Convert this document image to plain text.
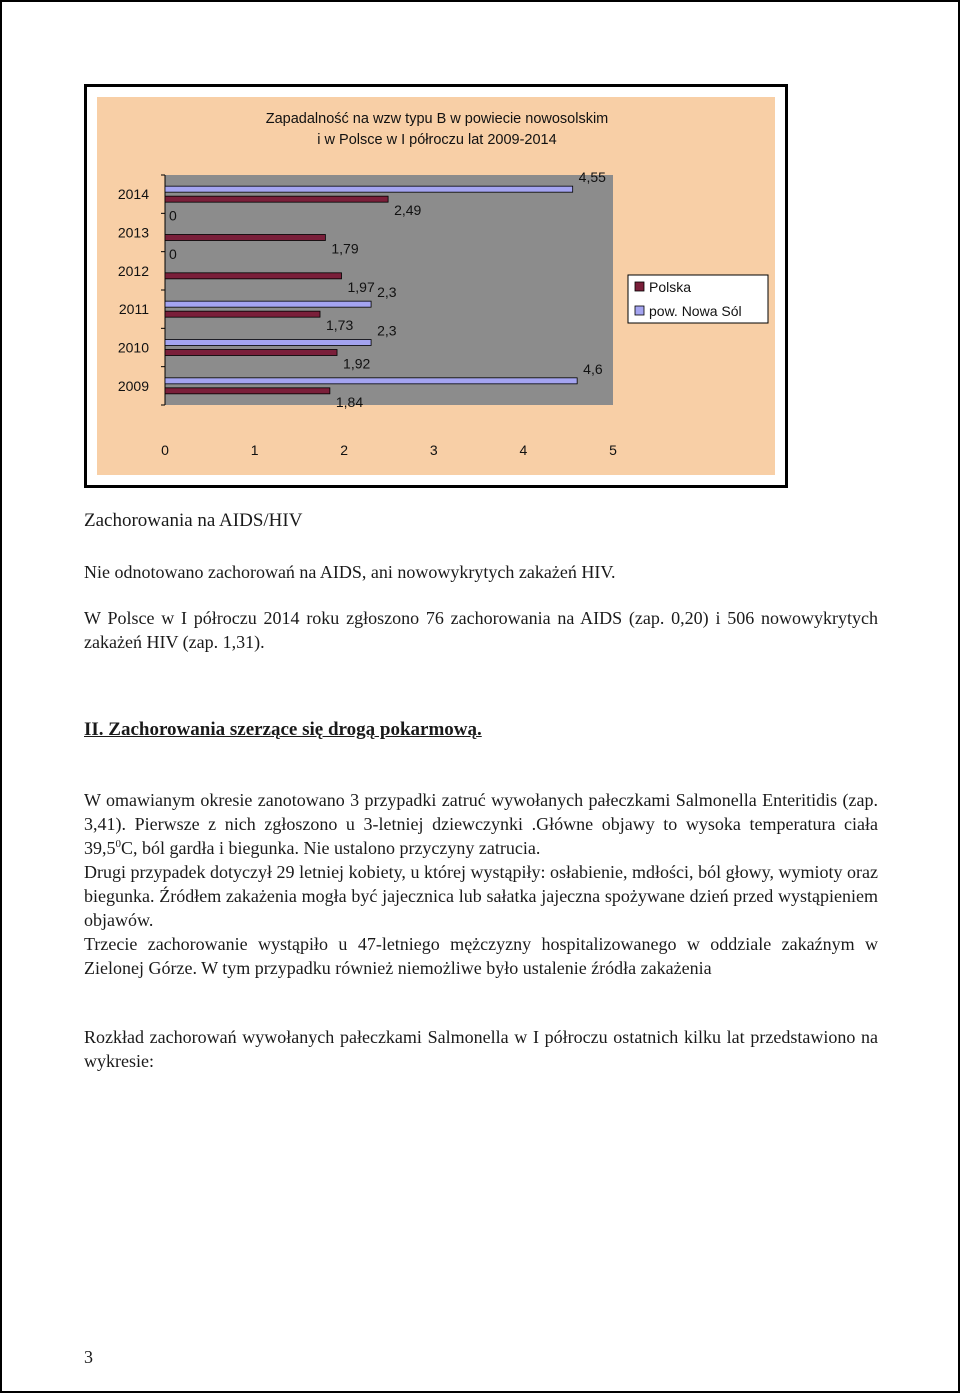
Zapadalność na wzw typu B w powiecie nowosolskim
i w Polsce w I półroczu lat 2009-2014
2009
1,84
4,6
2010
1,92
2,3
2011
1,73
2,3
2012
1,97
0
2013
1,79
0
2014
2,49
4,55
0	1	2	3	4	5
Polska
pow. Nowa Sól
Zachorowania na AIDS/HIV
Nie odnotowano zachorowań na AIDS, ani nowowykrytych zakażeń HIV.
W Polsce w I półroczu 2014 roku zgłoszono 76 zachorowania na AIDS (zap. 0,20) i 506 nowowykrytych zakażeń HIV (zap. 1,31).
II. Zachorowania szerzące się drogą pokarmową.
W omawianym okresie zanotowano 3 przypadki zatruć wywołanych pałeczkami Salmonella Enteritidis (zap. 3,41). Pierwsze z nich zgłoszono u 3-letniej dziewczynki .Główne objawy to wysoka temperatura ciała 39,5$^0$C, ból gardła i biegunka. Nie ustalono przyczyny zatrucia.
Drugi przypadek dotyczył 29 letniej kobiety, u której wystąpiły: osłabienie, mdłości, ból głowy, wymioty oraz biegunka. Źródłem zakażenia mogła być jajecznica lub sałatka jajeczna spożywane dzień przed wystąpieniem objawów.
Trzecie zachorowanie wystąpiło u 47-letniego mężczyzny hospitalizowanego w oddziale zakaźnym w Zielonej Górze. W tym przypadku również niemożliwe było ustalenie źródła zakażenia
Rozkład zachorowań wywołanych pałeczkami Salmonella w I półroczu ostatnich kilku lat przedstawiono na wykresie:
3
